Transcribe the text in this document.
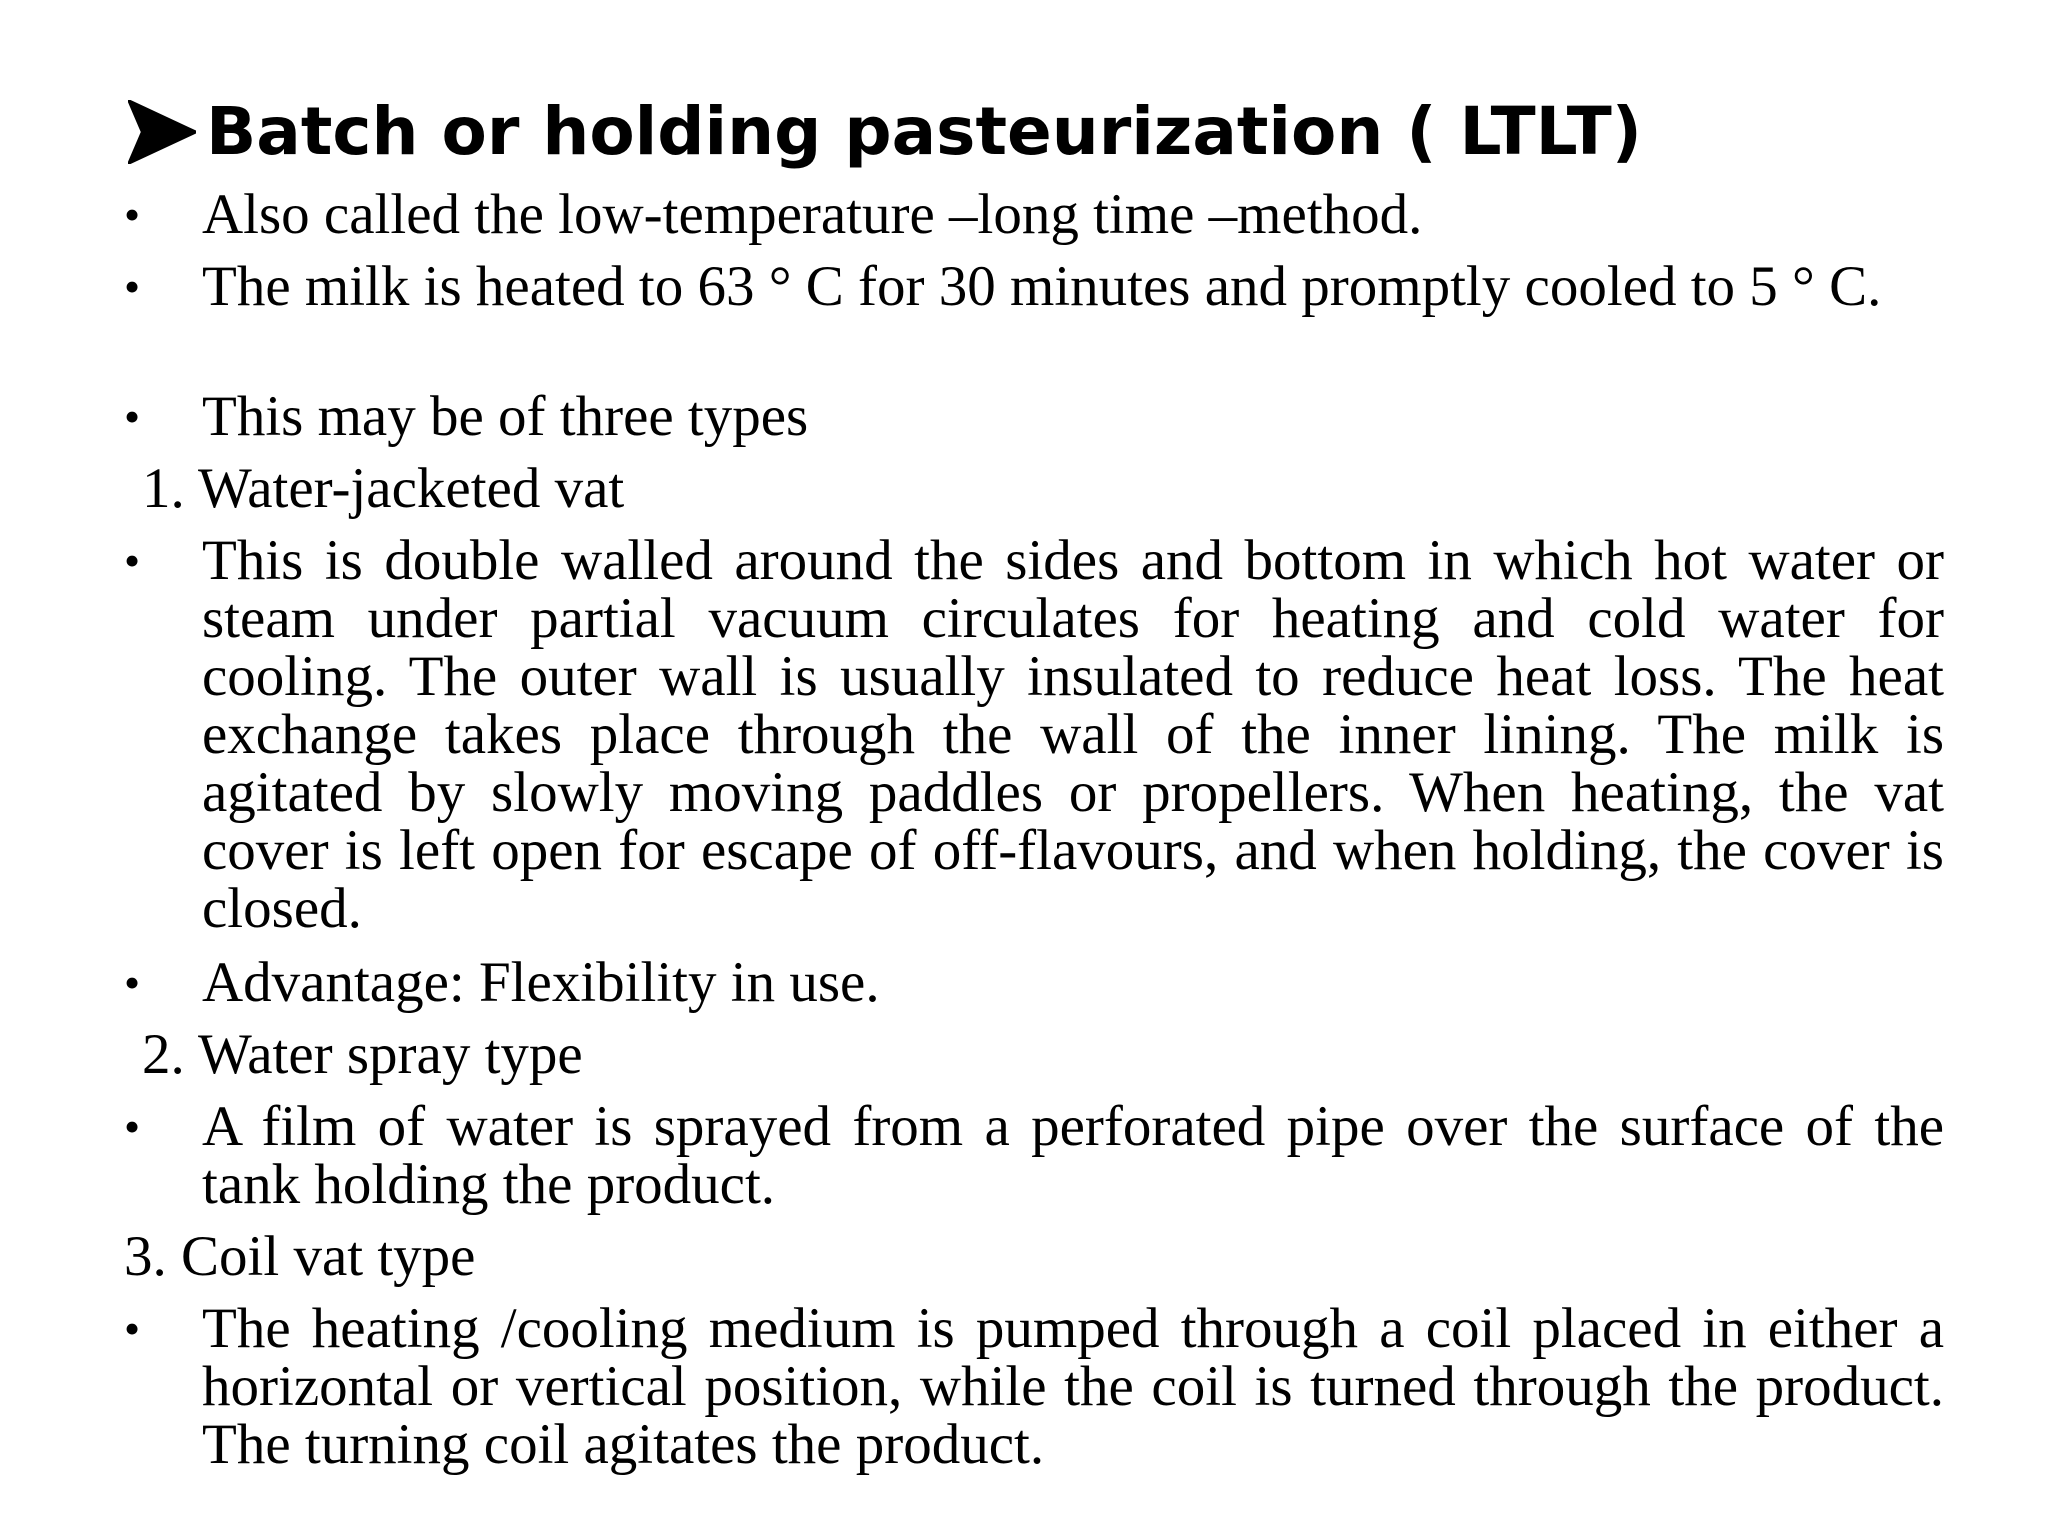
Batch or holding pasteurization ( LTLT)
• Also called the low-temperature –long time –method.
• The milk is heated to 63 ° C for 30 minutes and promptly cooled to 5 ° C.
• This may be of three types
1. Water-jacketed vat
• This is double walled around the sides and bottom in which hot water or steam under partial vacuum circulates for heating and cold water for cooling. The outer wall is usually insulated to reduce heat loss. The heat exchange takes place through the wall of the inner lining. The milk is agitated by slowly moving paddles or propellers. When heating, the vat cover is left open for escape of off-flavours, and when holding, the cover is closed.
• Advantage: Flexibility in use.
2. Water spray type
• A film of water is sprayed from a perforated pipe over the surface of the tank holding the product.
3. Coil vat type
• The heating /cooling medium is pumped through a coil placed in either a horizontal or vertical position, while the coil is turned through the product. The turning coil agitates the product.
